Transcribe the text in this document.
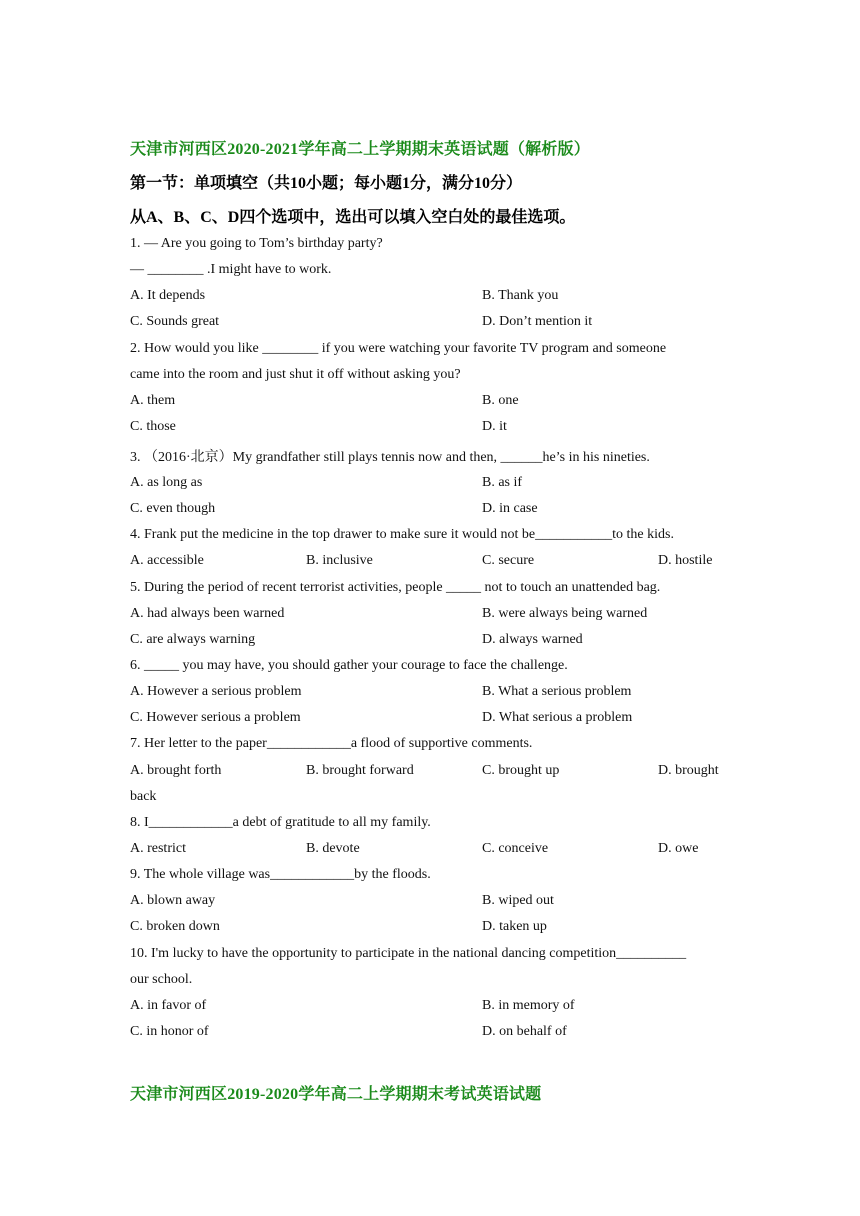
天津市河西区2020-2021学年高二上学期期末英语试题（解析版）
第一节：单项填空（共10小题；每小题1分，满分10分）
从A、B、C、D四个选项中，选出可以填入空白处的最佳选项。
1. — Are you going to Tom’s birthday party?
— ________ .I might have to work.
A. It depends	B. Thank you
C. Sounds great	D. Don’t mention it
2. How would you like ________ if you were watching your favorite TV program and someone
came into the room and just shut it off without asking you?
A. them	B. one
C. those	D. it
3. （2016·北京）My grandfather still plays tennis now and then, ______he’s in his nineties.
A. as long as	B. as if
C. even though	D. in case
4. Frank put the medicine in the top drawer to make sure it would not be___________to the kids.
A. accessible	B. inclusive	C. secure	D. hostile
5. During the period of recent terrorist activities, people _____ not to touch an unattended bag.
A. had always been warned	B. were always being warned
C. are always warning	D. always warned
6. _____ you may have, you should gather your courage to face the challenge.
A. However a serious problem	B. What a serious problem
C. However serious a problem	D. What serious a problem
7. Her letter to the paper____________a flood of supportive comments.
A. brought forth	B. brought forward	C. brought up	D. brought
back
8. I____________a debt of gratitude to all my family.
A. restrict	B. devote	C. conceive	D. owe
9. The whole village was____________by the floods.
A. blown away	B. wiped out
C. broken down	D. taken up
10. I'm lucky to have the opportunity to participate in the national dancing competition__________
our school.
A. in favor of	B. in memory of
C. in honor of	D. on behalf of
天津市河西区2019-2020学年高二上学期期末考试英语试题
